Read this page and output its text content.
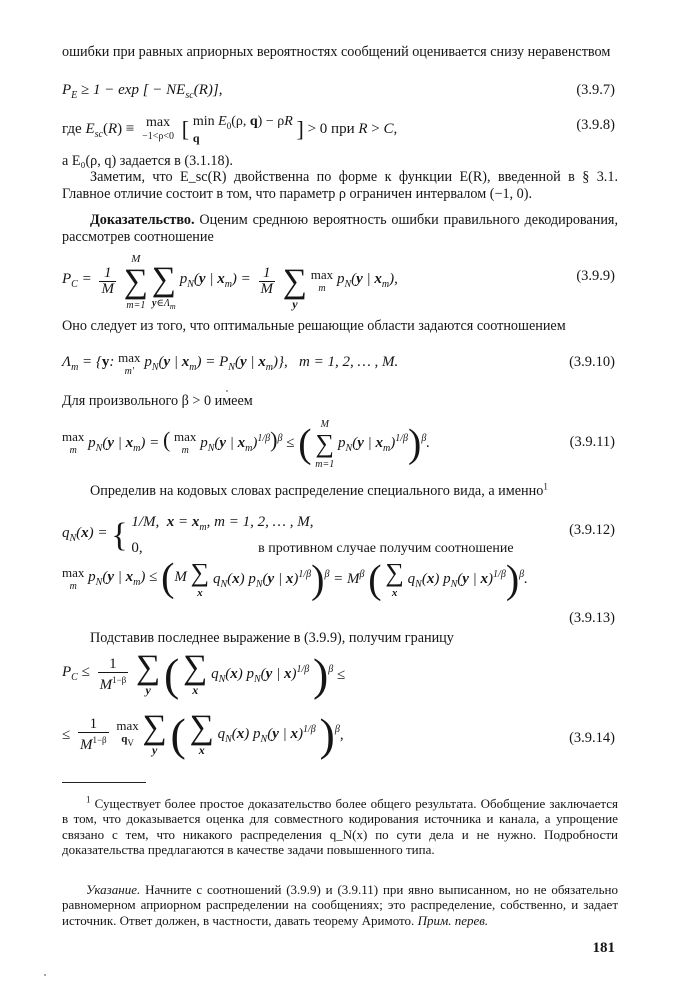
ошибки при равных априорных вероятностях сообщений оценивается снизу неравенством
$P_E \ge 1 - \exp$ [ − $NE_{sc}(R)$],	(3.9.7)
где $E_{sc}(R) \equiv \max$
−1<ρ<0 [ $\min E_0(\rho$, q) − ρR
q	] > 0 при R > C,	(3.9.8)
а E₀(ρ, q) задается в (3.1.18).
Заметим, что E_sc(R) двойственна по форме к функции E(R), введенной в § 3.1. Главное отличие состоит в том, что параметр ρ ограничен интервалом (−1, 0).
Доказательство. Оценим среднюю вероятность ошибки правильного декодирования, рассмотрев соотношение
$P_C = 1$
M M
∑
m=1
∑
$y\in\Lambda_m$ $p_N(y$ | $x_m) = 1$
M ∑
y max
m $p_N(y$ | $x_m$),	(3.9.9)
Оно следует из того, что оптимальные решающие области задаются соотношением
$\Lambda_m = \{y$: max
m' $p_N(y$ | $x_m) = P_N(y$ | $x_m$)},   m = 1, 2, … , M.	(3.9.10)
Для произвольного β > 0 имеем
max
m $p_N(y$ | $x_m$) = ( max
m $p_N(y$ | $x_m)^{1/\beta})^\beta$ ≤ ( M
∑
m=1 $p_N(y$ | $x_m)^{1/\beta})^\beta$.	(3.9.11)
Определив на кодовых словах распределение специального вида, а именно$^1$
$q_N(x)$ = { 1/M,  $x = x_m$, m = 1, 2, … , M,
0,	в противном случае получим соотношение
(3.9.12)
max
m $p_N(y$ | $x_m) \le (M$ ∑
x $q_N(x)$ $p_N(y$ | $x)^{1/\beta})^\beta = M^\beta$ ( ∑
x $q_N(x)$ $p_N(y$ | x)$^{1/\beta}$)$^\beta$.
(3.9.13)
Подставив последнее выражение в (3.9.9), получим границу
$P_C \le 1$
$M^{1-\beta}$ ∑
y ( ∑
x $q_N(x)$ $p_N(y$ | x)$^{1/\beta}$ )$^\beta$ ≤
≤ 1
$M^{1-\beta}$ max
$q_V$ ∑
y ( ∑
x $q_N(x)$ $p_N(y$ | x)$^{1/\beta}$ )$^\beta$,	(3.9.14)
$^1$ Существует более простое доказательство более общего результата. Обобщение заключается в том, что доказывается оценка для совместного кодирования источника и канала, а упрощение связано с тем, что никакого распределения q_N(x) по сути дела и не нужно. Подробности доказательства предлагаются в качестве задачи повышенного типа.
Указание. Начните с соотношений (3.9.9) и (3.9.11) при явно выписанном, но не обязательно равномерном априорном распределении на сообщениях; это распределение, собственно, и задает источник. Ответ должен, в частности, давать теорему Аримото. Прим. перев.
181
